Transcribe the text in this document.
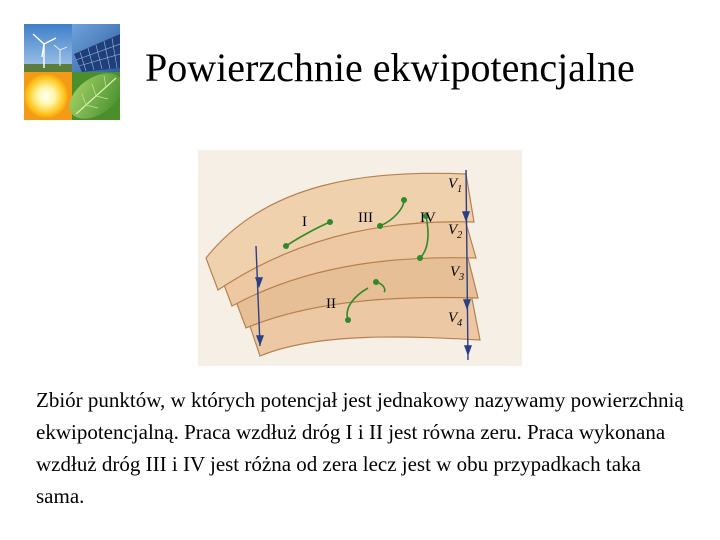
Powierzchnie ekwipotencjalne
I	III	IV
II
$V_1$
$V_2$
$V_3$
$V_4$
Zbiór punktów, w których potencjał jest jednakowy nazywamy powierzchnią ekwipotencjalną. Praca wzdłuż dróg I i II jest równa zeru. Praca wykonana wzdłuż dróg III i IV jest różna od zera lecz jest w obu przypadkach taka sama.
